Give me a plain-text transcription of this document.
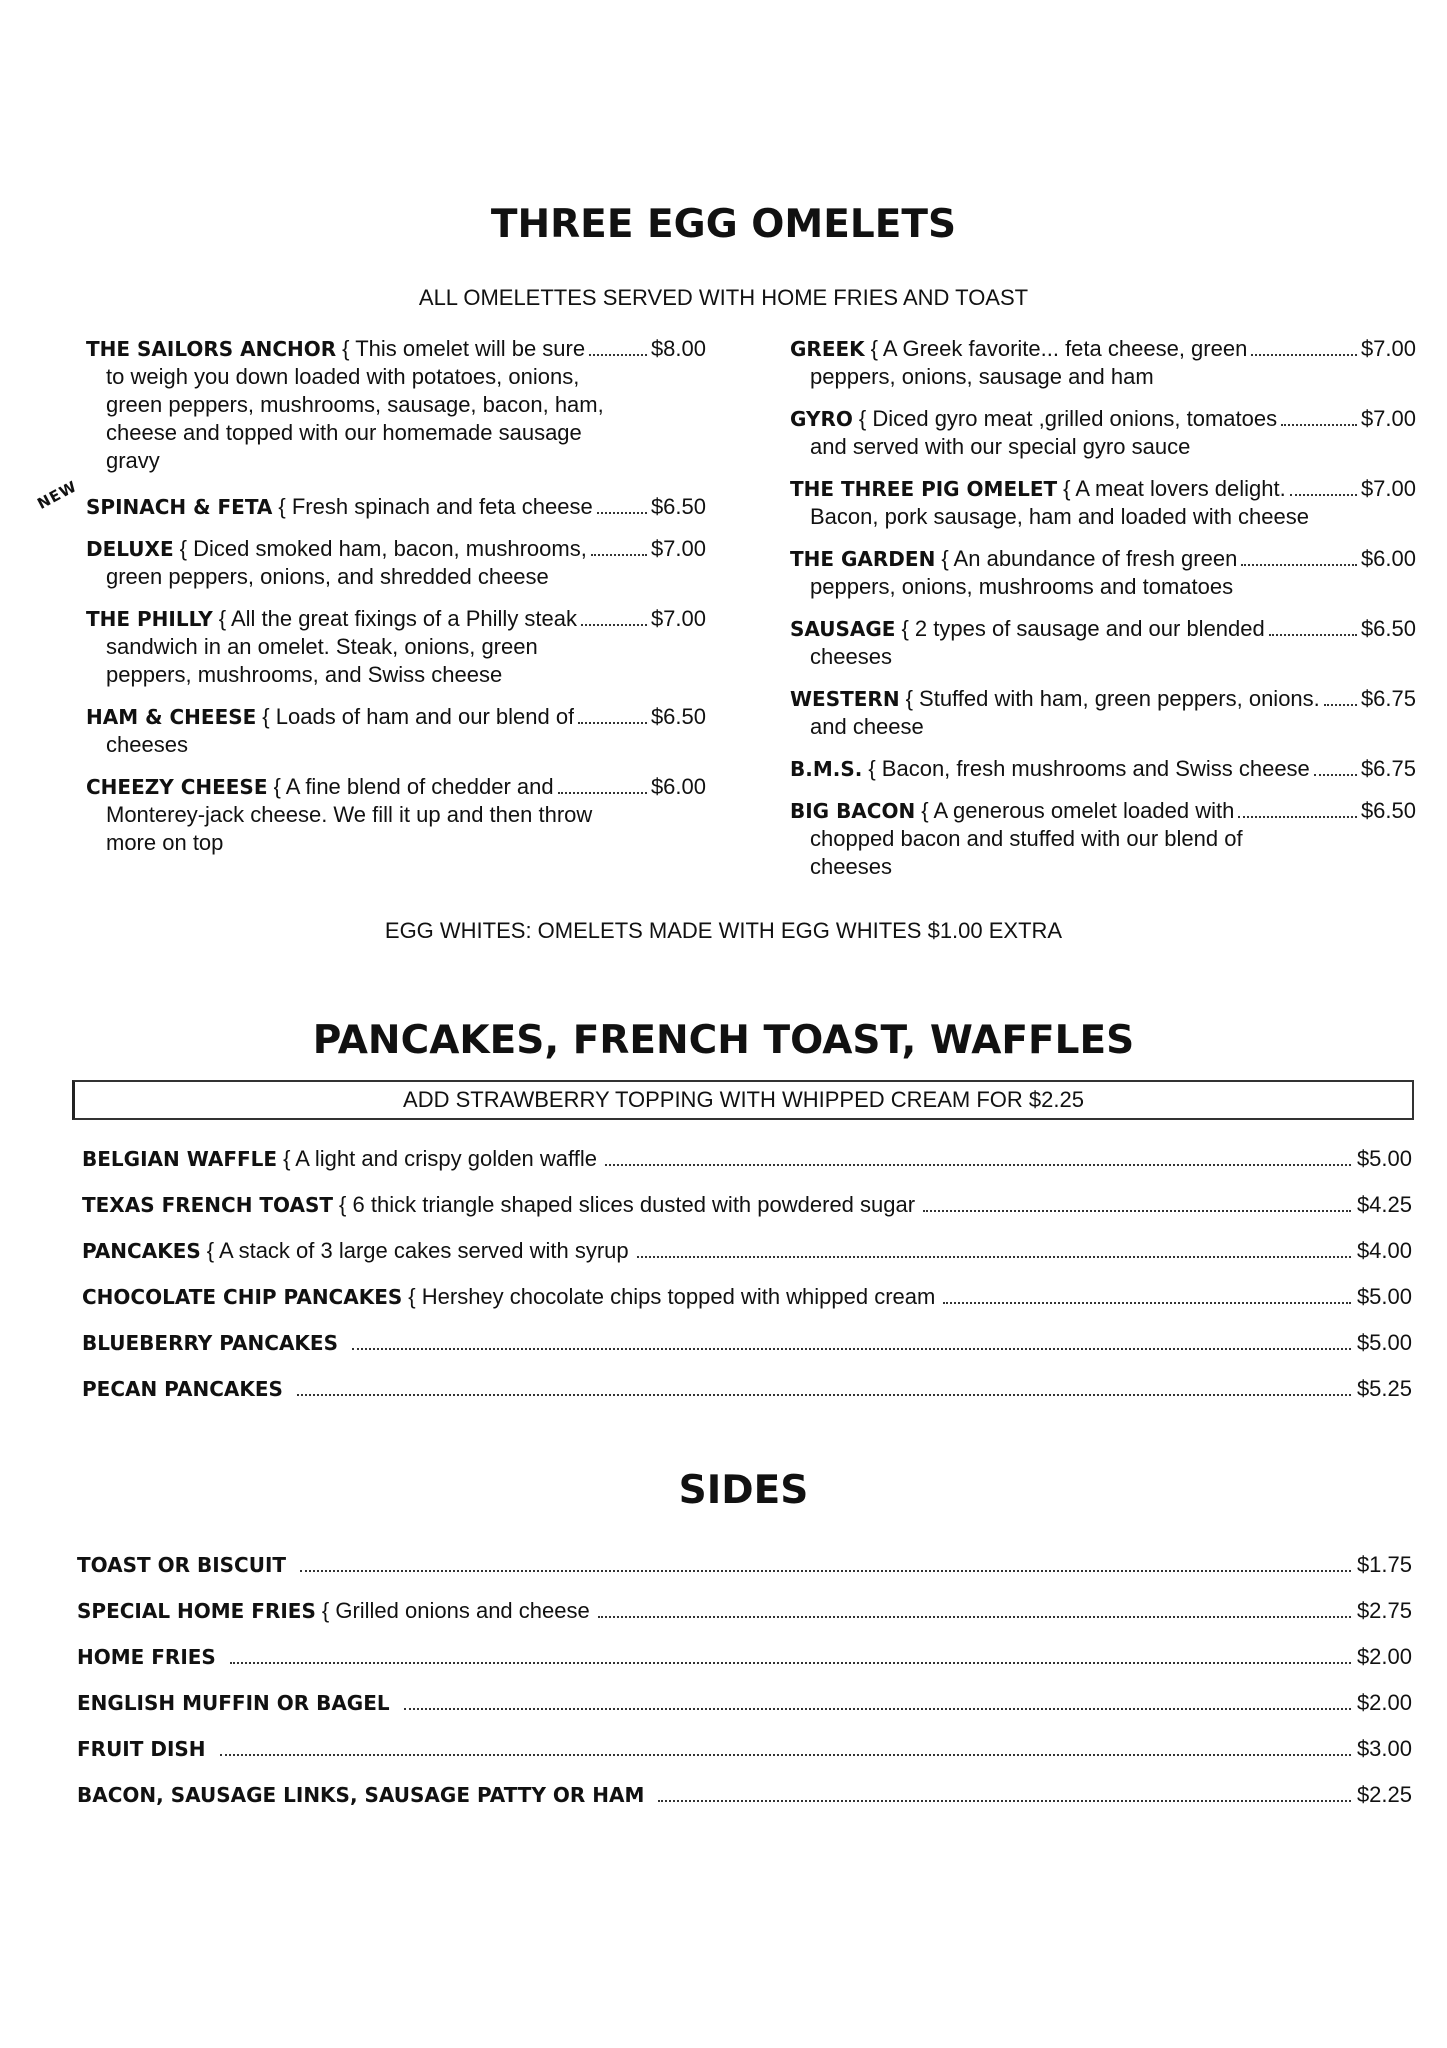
THREE EGG OMELETS
ALL OMELETTES SERVED WITH HOME FRIES AND TOAST
THE SAILORS ANCHOR { This omelet will be sure	$8.00
to weigh you down loaded with potatoes, onions,
green peppers, mushrooms, sausage, bacon, ham,
cheese and topped with our homemade sausage
gravy
NEW SPINACH & FETA { Fresh spinach and feta cheese	$6.50
DELUXE { Diced smoked ham, bacon, mushrooms,	$7.00
green peppers, onions, and shredded cheese
THE PHILLY { All the great fixings of a Philly steak	$7.00
sandwich in an omelet. Steak, onions, green
peppers, mushrooms, and Swiss cheese
HAM & CHEESE { Loads of ham and our blend of	$6.50
cheeses
CHEEZY CHEESE { A fine blend of chedder and	$6.00
Monterey-jack cheese. We fill it up and then throw
more on top
GREEK { A Greek favorite... feta cheese, green	$7.00
peppers, onions, sausage and ham
GYRO { Diced gyro meat ,grilled onions, tomatoes	$7.00
and served with our special gyro sauce
THE THREE PIG OMELET { A meat lovers delight.	$7.00
Bacon, pork sausage, ham and loaded with cheese
THE GARDEN { An abundance of fresh green	$6.00
peppers, onions, mushrooms and tomatoes
SAUSAGE { 2 types of sausage and our blended	$6.50
cheeses
WESTERN { Stuffed with ham, green peppers, onions. $6.75
and cheese
B.M.S. { Bacon, fresh mushrooms and Swiss cheese $6.75
BIG BACON { A generous omelet loaded with	$6.50
chopped bacon and stuffed with our blend of
cheeses
EGG WHITES: OMELETS MADE WITH EGG WHITES $1.00 EXTRA
PANCAKES, FRENCH TOAST, WAFFLES
ADD STRAWBERRY TOPPING WITH WHIPPED CREAM FOR $2.25
BELGIAN WAFFLE { A light and crispy golden waffle	$5.00
TEXAS FRENCH TOAST { 6 thick triangle shaped slices dusted with powdered sugar	$4.25
PANCAKES { A stack of 3 large cakes served with syrup	$4.00
CHOCOLATE CHIP PANCAKES { Hershey chocolate chips topped with whipped cream	$5.00
BLUEBERRY PANCAKES	$5.00
PECAN PANCAKES	$5.25
SIDES
TOAST OR BISCUIT	$1.75
SPECIAL HOME FRIES { Grilled onions and cheese	$2.75
HOME FRIES	$2.00
ENGLISH MUFFIN OR BAGEL	$2.00
FRUIT DISH	$3.00
BACON, SAUSAGE LINKS, SAUSAGE PATTY OR HAM	$2.25
